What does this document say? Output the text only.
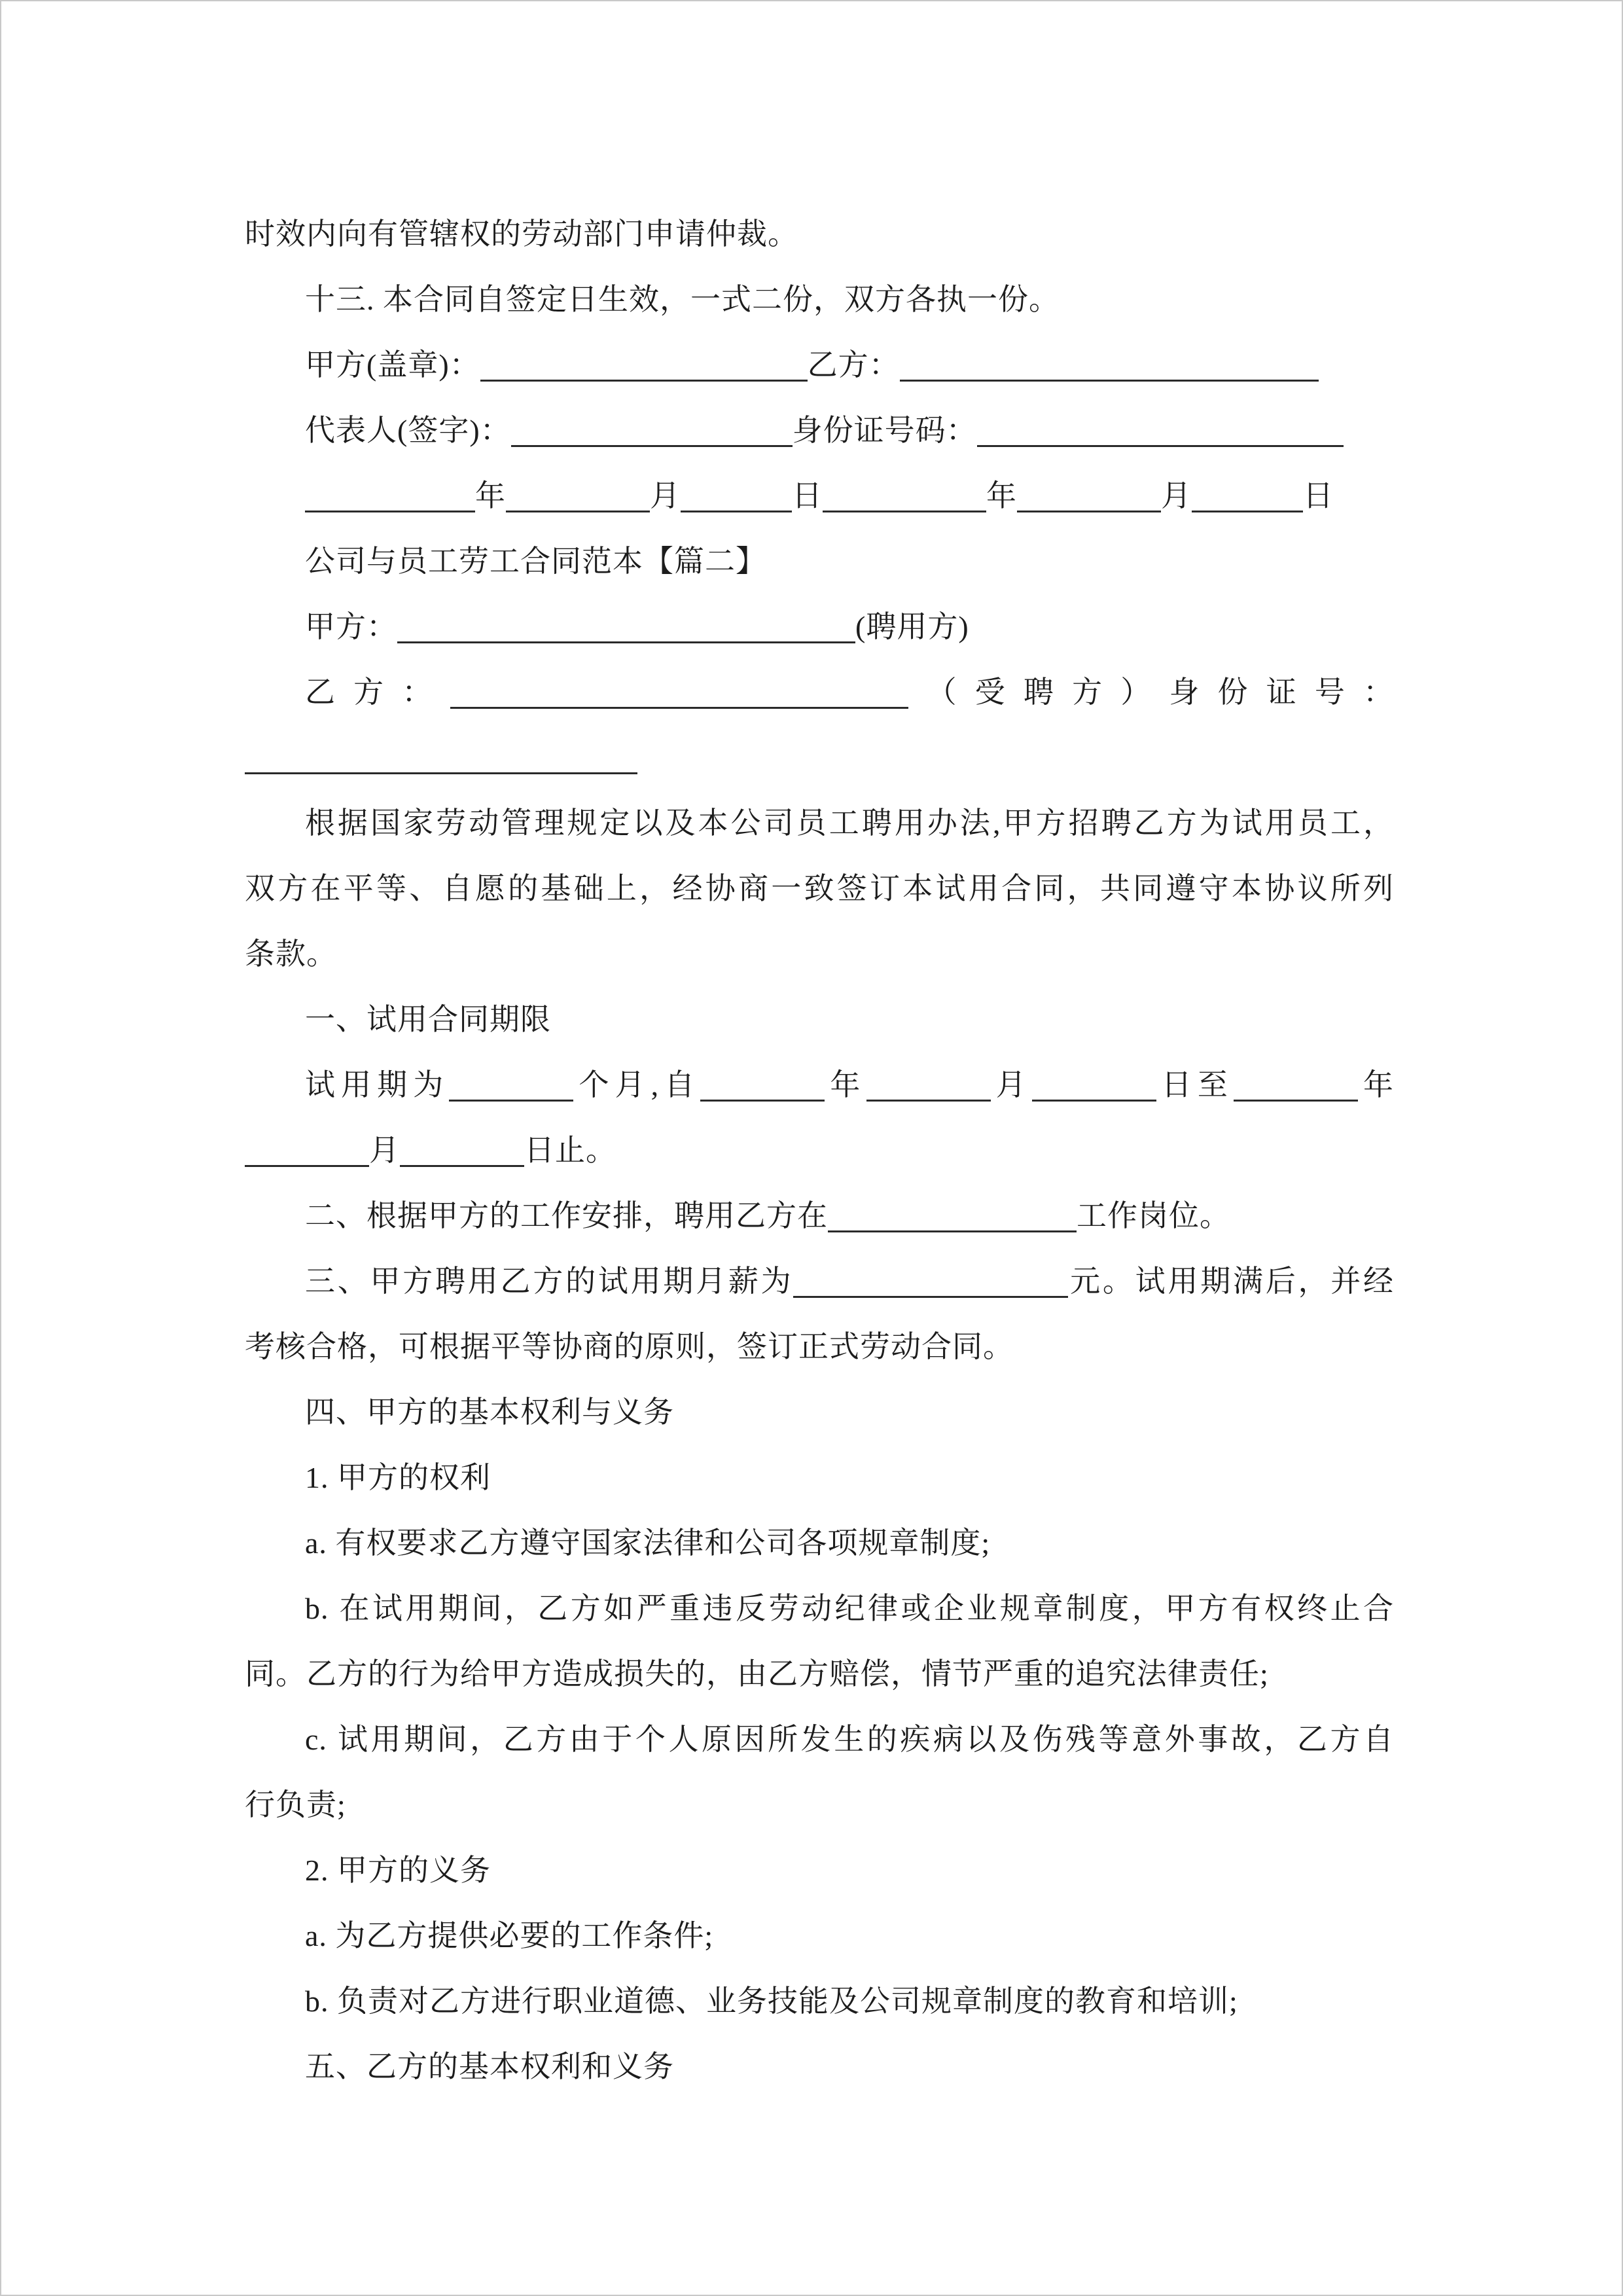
时效内向有管辖权的劳动部门申请仲裁。
十三. 本合同自签定日生效，一式二份，双方各执一份。
甲方(盖章)：	乙方：
代表人(签字)：	身份证号码：
年	月	日	年	月	日
公司与员工劳工合同范本【篇二】
甲方：	(聘用方)
乙方：	（受聘方）身份证号：
根据国家劳动管理规定以及本公司员工聘用办法,甲方招聘乙方为试用员工，
双方在平等、自愿的基础上，经协商一致签订本试用合同，共同遵守本协议所列
条款。
一、试用合同期限
试用期为	个月,自	年	月	日至	年
月	日止。
二、根据甲方的工作安排，聘用乙方在	工作岗位。
三、甲方聘用乙方的试用期月薪为	元。试用期满后，并经
考核合格，可根据平等协商的原则，签订正式劳动合同。
四、甲方的基本权利与义务
1. 甲方的权利
a. 有权要求乙方遵守国家法律和公司各项规章制度;
b. 在试用期间，乙方如严重违反劳动纪律或企业规章制度，甲方有权终止合
同。乙方的行为给甲方造成损失的，由乙方赔偿，情节严重的追究法律责任;
c. 试用期间，乙方由于个人原因所发生的疾病以及伤残等意外事故，乙方自
行负责;
2. 甲方的义务
a. 为乙方提供必要的工作条件;
b. 负责对乙方进行职业道德、业务技能及公司规章制度的教育和培训;
五、乙方的基本权利和义务
